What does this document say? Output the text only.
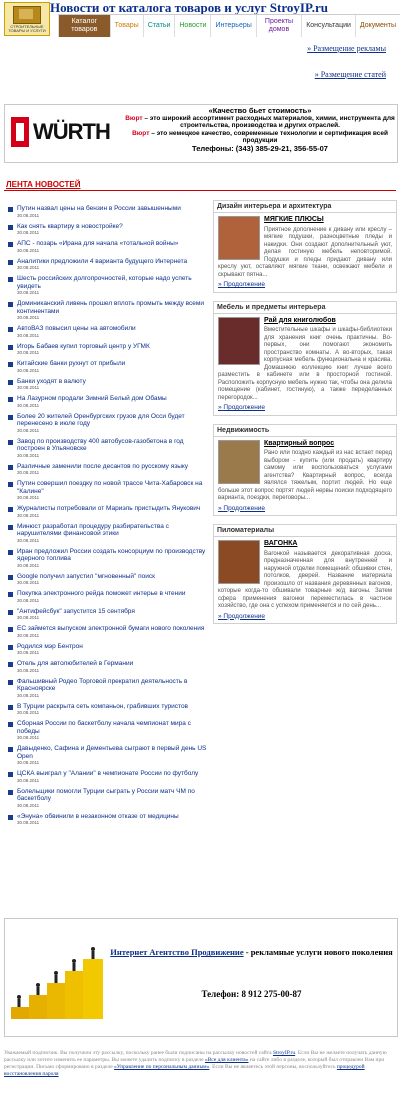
СТРОИТЕЛЬНЫЕ ТОВАРЫ И УСЛУГИ
Новости от каталога товаров и услуг StroyIP.ru
Каталог товаров
Товары	Статьи	Новости	Интерьеры
Проекты домов
Консультации	Документы
» Размещение рекламы
» Размещение статей
WÜRTH
«Качество бьет стоимость»
Вюрт – это широкий ассортимент расходных материалов, химии, инструмента для строительства, производства и других отраслей.
Вюрт – это немецкое качество, современные технологии и сертификация всей продукции
Телефоны: (343) 385-29-21, 356-55-07
ЛЕНТА НОВОСТЕЙ
Путин назвал цены на бензин в России завышенными
30.08.2011
Как снять квартиру в новостройке?
30.08.2011
АПС - позарь «Ирана для начала «тотальной войны»
30.08.2011
Аналитики предложили 4 варианта будущего Интернета
30.08.2011
Шесть российских долгопрочностей, которые надо успеть увидеть
30.08.2011
Доминиканский ливень прошел вплоть промыть между всеми континентами
30.08.2011
АвтоВАЗ повысил цены на автомобили
30.08.2011
Игорь Бабаев купил торговый центр у УГМК
30.08.2011
Китайские банки рухнут от прибыли
30.08.2011
Банки уходят в валюту
30.08.2011
На Лазурном продали Зимний Белый дом Обамы
30.08.2011
Более 20 жителей Оренбургских грузов для Осси будет перенесено в июле году
30.08.2011
Завод по производству 400 автобусов-газобетона в год построен в Ульяновске
30.08.2011
Различные заменили после десантов по русскому языку
30.08.2011
Путин совершил поездку по новой трассе Чита-Хабаровск на "Калине"
30.08.2011
Журналисты потребовали от Мариэль пристыдить Янукович
30.08.2011
Минюст разработал процедуру разбирательства с нарушителями финансовой этики
30.08.2011
Иран предложил России создать консорциум по производству ядерного топлива
30.08.2011
Google получил запустил "мгновенный" поиск
30.08.2011
Покупка электронного рейда поможет интерье в чтении
30.08.2011
"Антифейсбук" запустится 15 сентября
30.08.2011
ЕС займется выпуском электронной бумаги нового поколения
30.08.2011
Родился мэр Бентрон
30.08.2011
Отель для автолюбителей в Германии
30.08.2011
Фальшивный Родео Торговой прекратил деятельность в Красноярске
30.08.2011
В Турции раскрыта сеть компаньон, грабивших туристов
30.08.2011
Сборная России по баскетболу начала чемпионат мира с победы
30.08.2011
Давыденко, Сафина и Дементьева сыграют в первый день US Open
30.08.2011
ЦСКА выиграл у "Алании" в чемпионате России по футболу
30.08.2011
Болельщики помогли Турции сыграть у России матч ЧМ по баскетболу
30.08.2011
«Энуна» обвинили в незаконном отказе от медицины
30.08.2011
Дизайн интерьера и архитектура
МЯГКИЕ ПЛЮСЫ
Приятное дополнение к дивану или креслу – мягкие подушки, разноцветные пледы и накидки. Они создают дополнительный уют, делая гостиную мебель неповторимой. Подушки и пледы придают дивану или креслу уют, оставляют мягкие ткани, освежают мебели и скрывают пятна...
» Продолжение
Мебель и предметы интерьера
Рай для книголюбов
Вместительные шкафы и шкафы-библиотеки для хранения книг очень практичны. Во-первых, они помогают экономить пространство комнаты. А во-вторых, такая корпусная мебель функциональна и красива. Домашнюю коллекцию книг лучше всего разместить в кабинете или в просторной гостиной. Расположить корпусную мебель нужно так, чтобы она делила помещение (кабинет, гостиную), а также переделанных перегородок...
» Продолжение
Недвижимость
Квартирный вопрос
Рано или поздно каждый из нас встает перед выбором - купить (или продать) квартиру самому или воспользоваться услугами агентства? Квартирный вопрос, всегда являлся тяжелым, портит людей. Но еще больше этот вопрос портят людей нервы поиски подходящего варианта, поездки, переговоры...
» Продолжение
Пиломатериалы
ВАГОНКА
Вагонкой называется декоративная доска, предназначенная для внутренней и наружной отделки помещений: обшивки стен, потолков, дверей. Название материала произошло от названия деревянных вагонов, которые когда-то обшивали товарные ж/д вагоны. Затем сфера применения вагонки переместилась в частное хозяйство, где она с успехом применяется и по сей день...
» Продолжение
Интернет Агентство Продвижение - рекламные услуги нового поколения
Телефон: 8 912 275-00-87
Уважаемый подписчик. Вы получили эту рассылку, поскольку ранее были подписаны на рассылку новостей сайта StroyIP.ru. Если Вы не желаете получать данную рассылку или хотите изменить ее параметры. Вы можете удалить подписку в разделе «Все для клиента» на сайте либо в разделе, который был отправлен Вам при регистрации. Письмо сформировано в разделе «Управление по персональным данным». Если Вы не являетесь этой персоны, воспользуйтесь процедурой восстановления пароля
